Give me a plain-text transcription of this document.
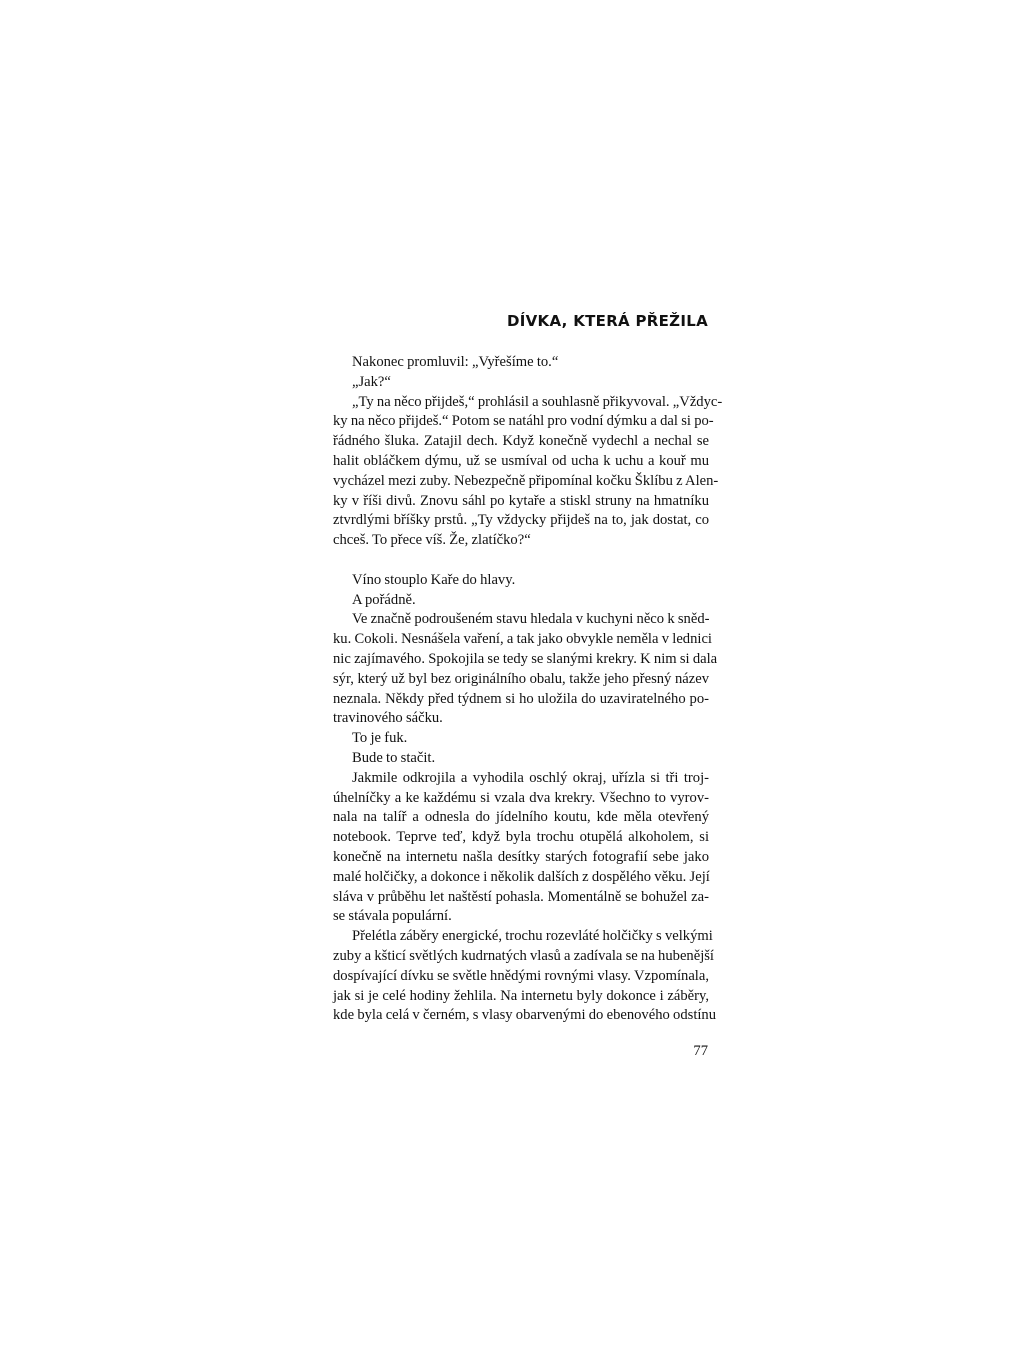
DÍVKA, KTERÁ PŘEŽILA
Nakonec promluvil: „Vyřešíme to.“
„Jak?“
„Ty na něco přijdeš,“ prohlásil a souhlasně přikyvoval. „Vždyc-
ky na něco přijdeš.“ Potom se natáhl pro vodní dýmku a dal si po-
řádného šluka. Zatajil dech. Když konečně vydechl a nechal se
halit obláčkem dýmu, už se usmíval od ucha k uchu a kouř mu
vycházel mezi zuby. Nebezpečně připomínal kočku Šklíbu z Alen-
ky v říši divů. Znovu sáhl po kytaře a stiskl struny na hmatníku
ztvrdlými bříšky prstů. „Ty vždycky přijdeš na to, jak dostat, co
chceš. To přece víš. Že, zlatíčko?“
Víno stouplo Kaře do hlavy.
A pořádně.
Ve značně podroušeném stavu hledala v kuchyni něco k sněd-
ku. Cokoli. Nesnášela vaření, a tak jako obvykle neměla v lednici
nic zajímavého. Spokojila se tedy se slanými krekry. K nim si dala
sýr, který už byl bez originálního obalu, takže jeho přesný název
neznala. Někdy před týdnem si ho uložila do uzaviratelného po-
travinového sáčku.
To je fuk.
Bude to stačit.
Jakmile odkrojila a vyhodila oschlý okraj, uřízla si tři troj-
úhelníčky a ke každému si vzala dva krekry. Všechno to vyrov-
nala na talíř a odnesla do jídelního koutu, kde měla otevřený
notebook. Teprve teď, když byla trochu otupělá alkoholem, si
konečně na internetu našla desítky starých fotografií sebe jako
malé holčičky, a dokonce i několik dalších z dospělého věku. Její
sláva v průběhu let naštěstí pohasla. Momentálně se bohužel za-
se stávala populární.
Přelétla záběry energické, trochu rozevláté holčičky s velkými
zuby a kšticí světlých kudrnatých vlasů a zadívala se na hubenější
dospívající dívku se světle hnědými rovnými vlasy. Vzpomínala,
jak si je celé hodiny žehlila. Na internetu byly dokonce i záběry,
kde byla celá v černém, s vlasy obarvenými do ebenového odstínu
77
